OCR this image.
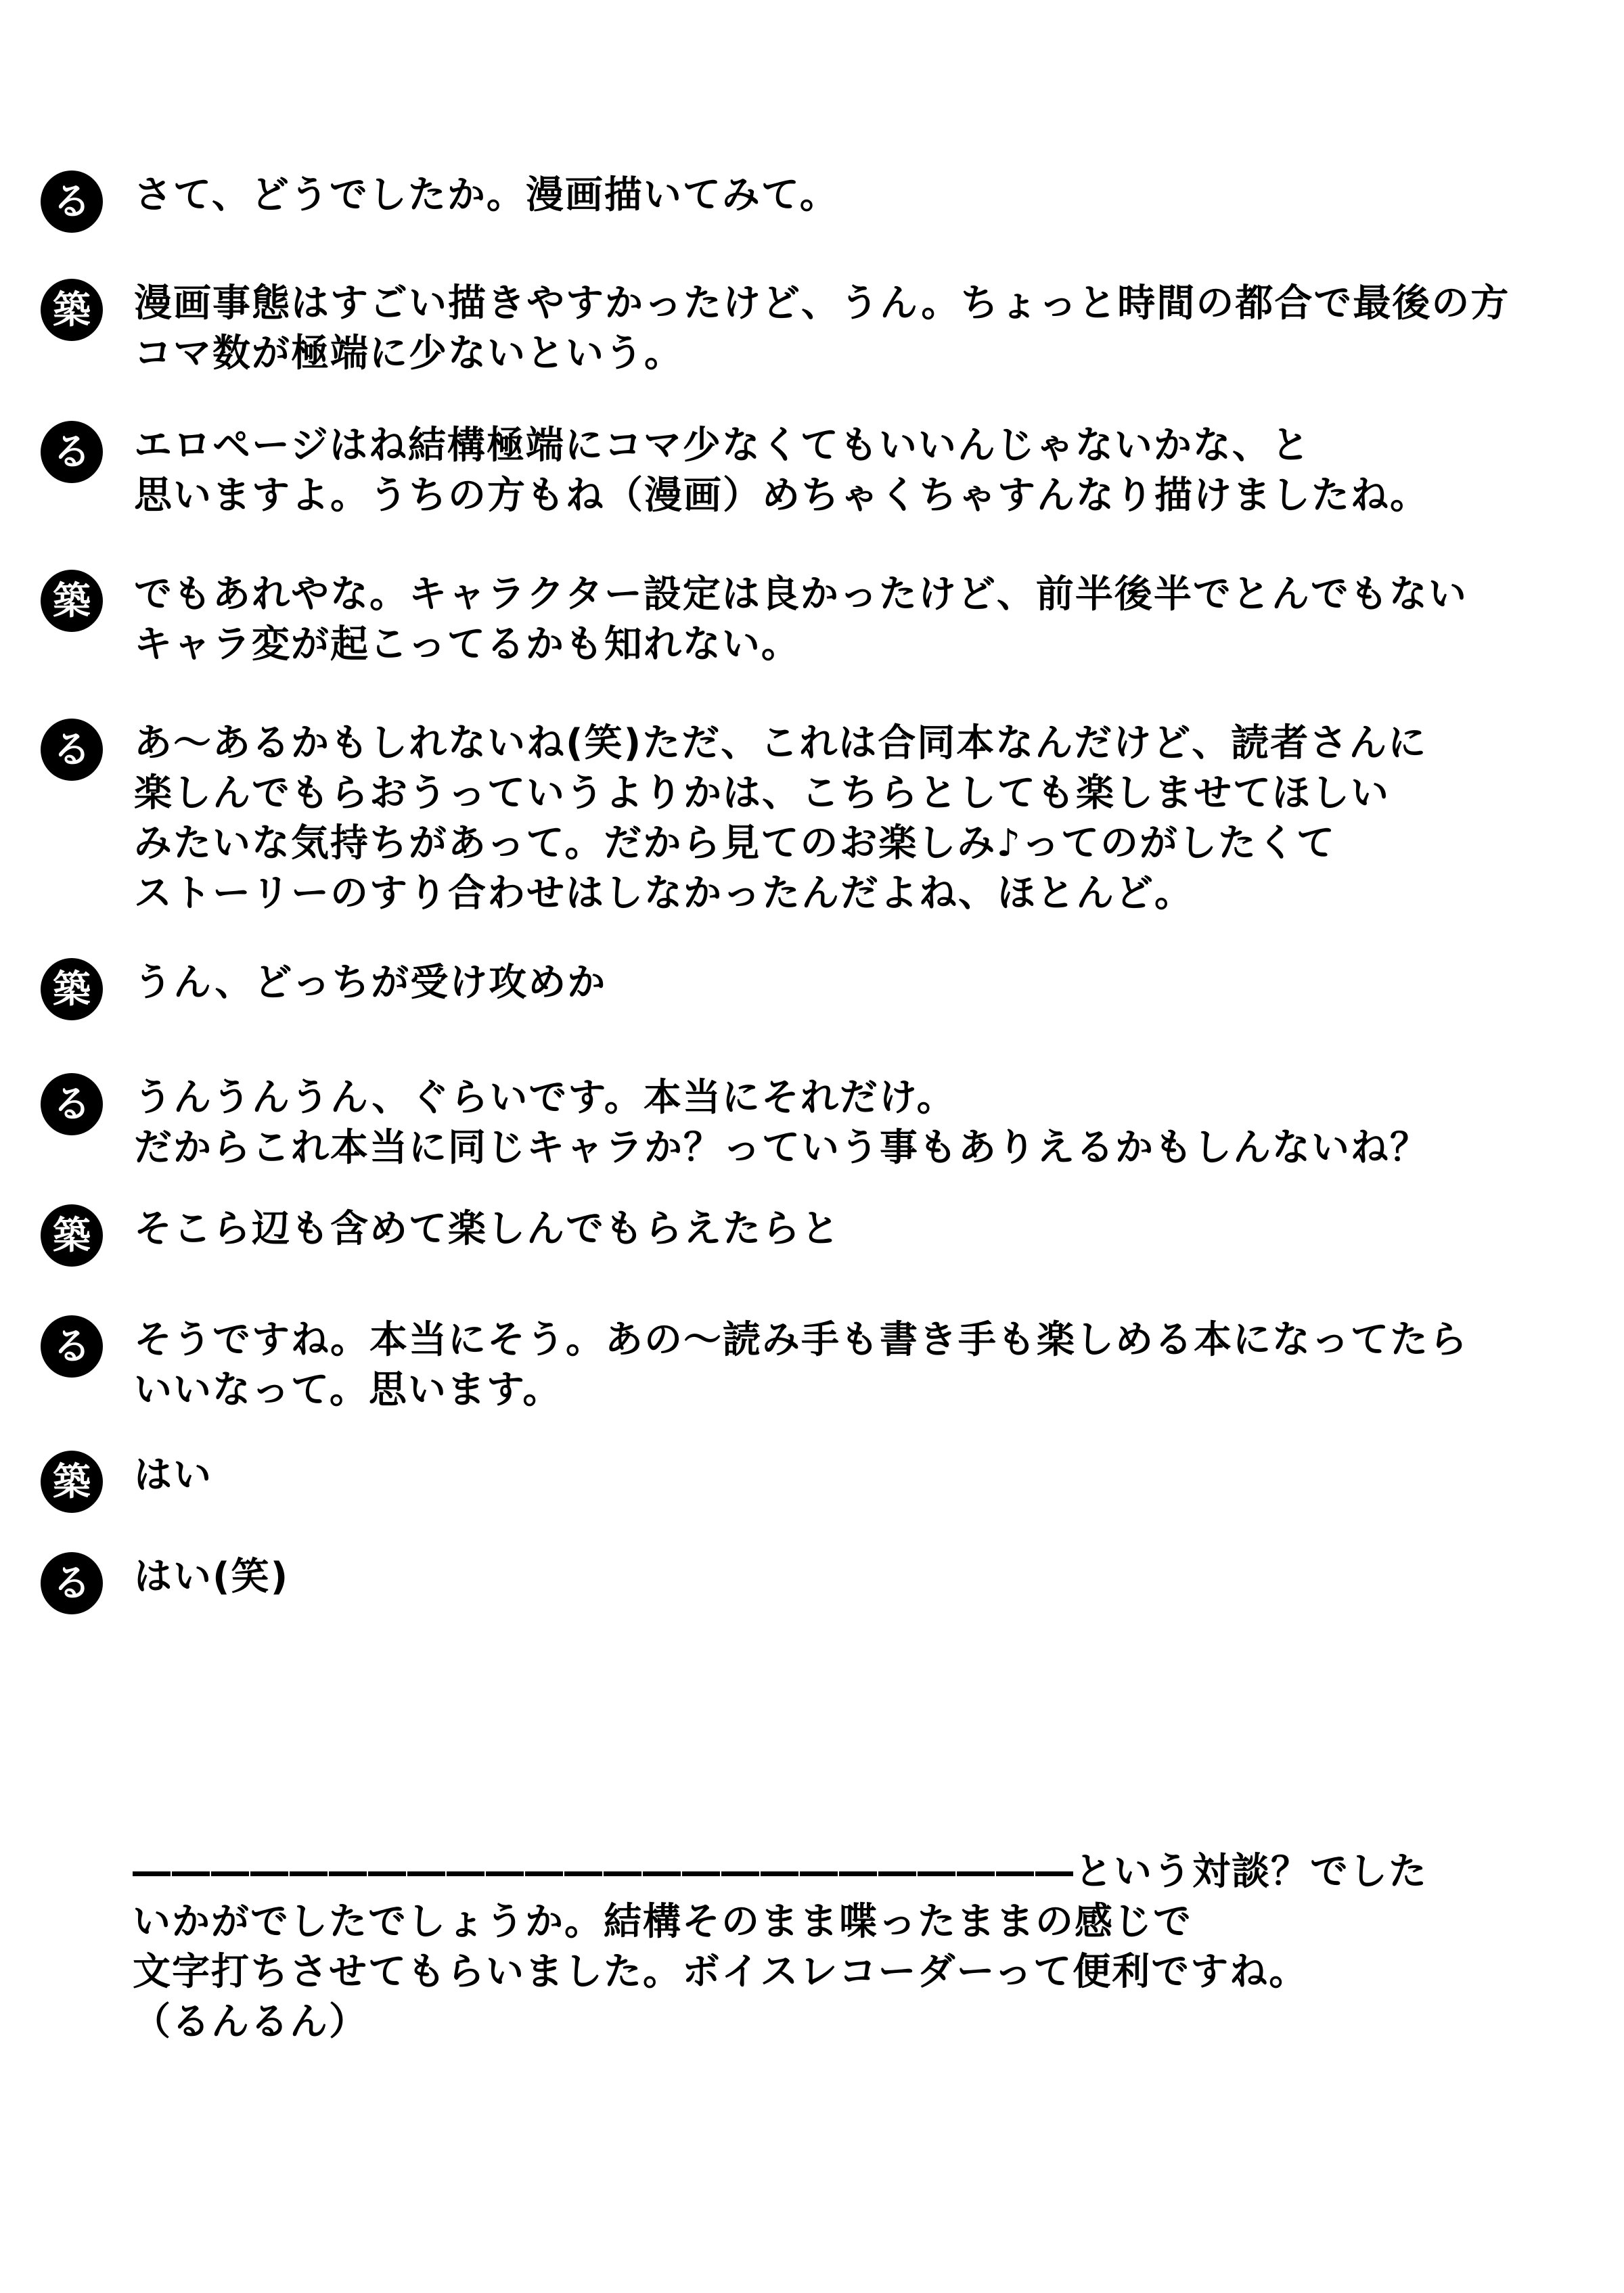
る	さて、どうでしたか。漫画描いてみて。
築	漫画事態はすごい描きやすかったけど、うん。ちょっと時間の都合で最後の方
コマ数が極端に少ないという。
る	エロページはね結構極端にコマ少なくてもいいんじゃないかな、と
思いますよ。うちの方もね（漫画）めちゃくちゃすんなり描けましたね。
築	でもあれやな。キャラクター設定は良かったけど、前半後半でとんでもない
キャラ変が起こってるかも知れない。
る	あ～あるかもしれないね(笑)ただ、これは合同本なんだけど、読者さんに
楽しんでもらおうっていうよりかは、こちらとしても楽しませてほしい
みたいな気持ちがあって。だから見てのお楽しみ♪ってのがしたくて
ストーリーのすり合わせはしなかったんだよね、ほとんど。
築	うん、どっちが受け攻めか
る	うんうんうん、ぐらいです。本当にそれだけ。
だからこれ本当に同じキャラか？っていう事もありえるかもしんないね？
築	そこら辺も含めて楽しんでもらえたらと
る	そうですね。本当にそう。あの～読み手も書き手も楽しめる本になってたら
いいなって。思います。
築	はい
る	はい(笑)
――――――――――――――――――――――――という対談？でした
いかがでしたでしょうか。結構そのまま喋ったままの感じで
文字打ちさせてもらいました。ボイスレコーダーって便利ですね。
（るんるん）
